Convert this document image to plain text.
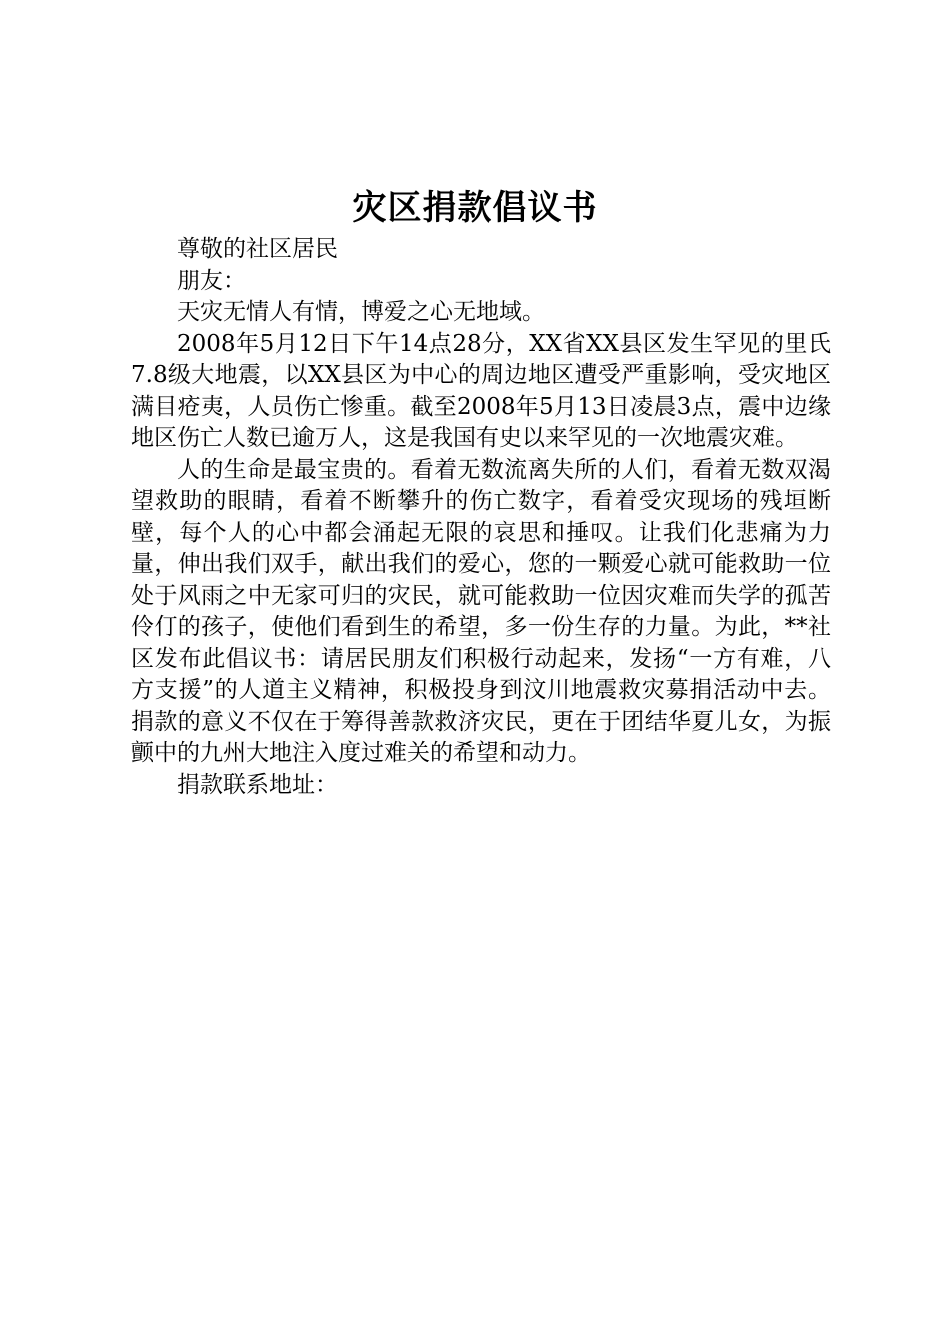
灾区捐款倡议书

尊敬的社区居民

朋友：

天灾无情人有情，博爱之心无地域。

2008年5月12日下午14点28分，XX省XX县区发生罕见的里氏7.8级大地震，以XX县区为中心的周边地区遭受严重影响，受灾地区满目疮夷，人员伤亡惨重。截至2008年5月13日凌晨3点，震中边缘地区伤亡人数已逾万人，这是我国有史以来罕见的一次地震灾难。

人的生命是最宝贵的。看着无数流离失所的人们，看着无数双渴望救助的眼睛，看着不断攀升的伤亡数字，看着受灾现场的残垣断壁，每个人的心中都会涌起无限的哀思和捶叹。让我们化悲痛为力量，伸出我们双手，献出我们的爱心，您的一颗爱心就可能救助一位处于风雨之中无家可归的灾民，就可能救助一位因灾难而失学的孤苦伶仃的孩子，使他们看到生的希望，多一份生存的力量。为此，**社区发布此倡议书：请居民朋友们积极行动起来，发扬“一方有难，八方支援”的人道主义精神，积极投身到汶川地震救灾募捐活动中去。捐款的意义不仅在于筹得善款救济灾民，更在于团结华夏儿女，为振颤中的九州大地注入度过难关的希望和动力。

捐款联系地址：
